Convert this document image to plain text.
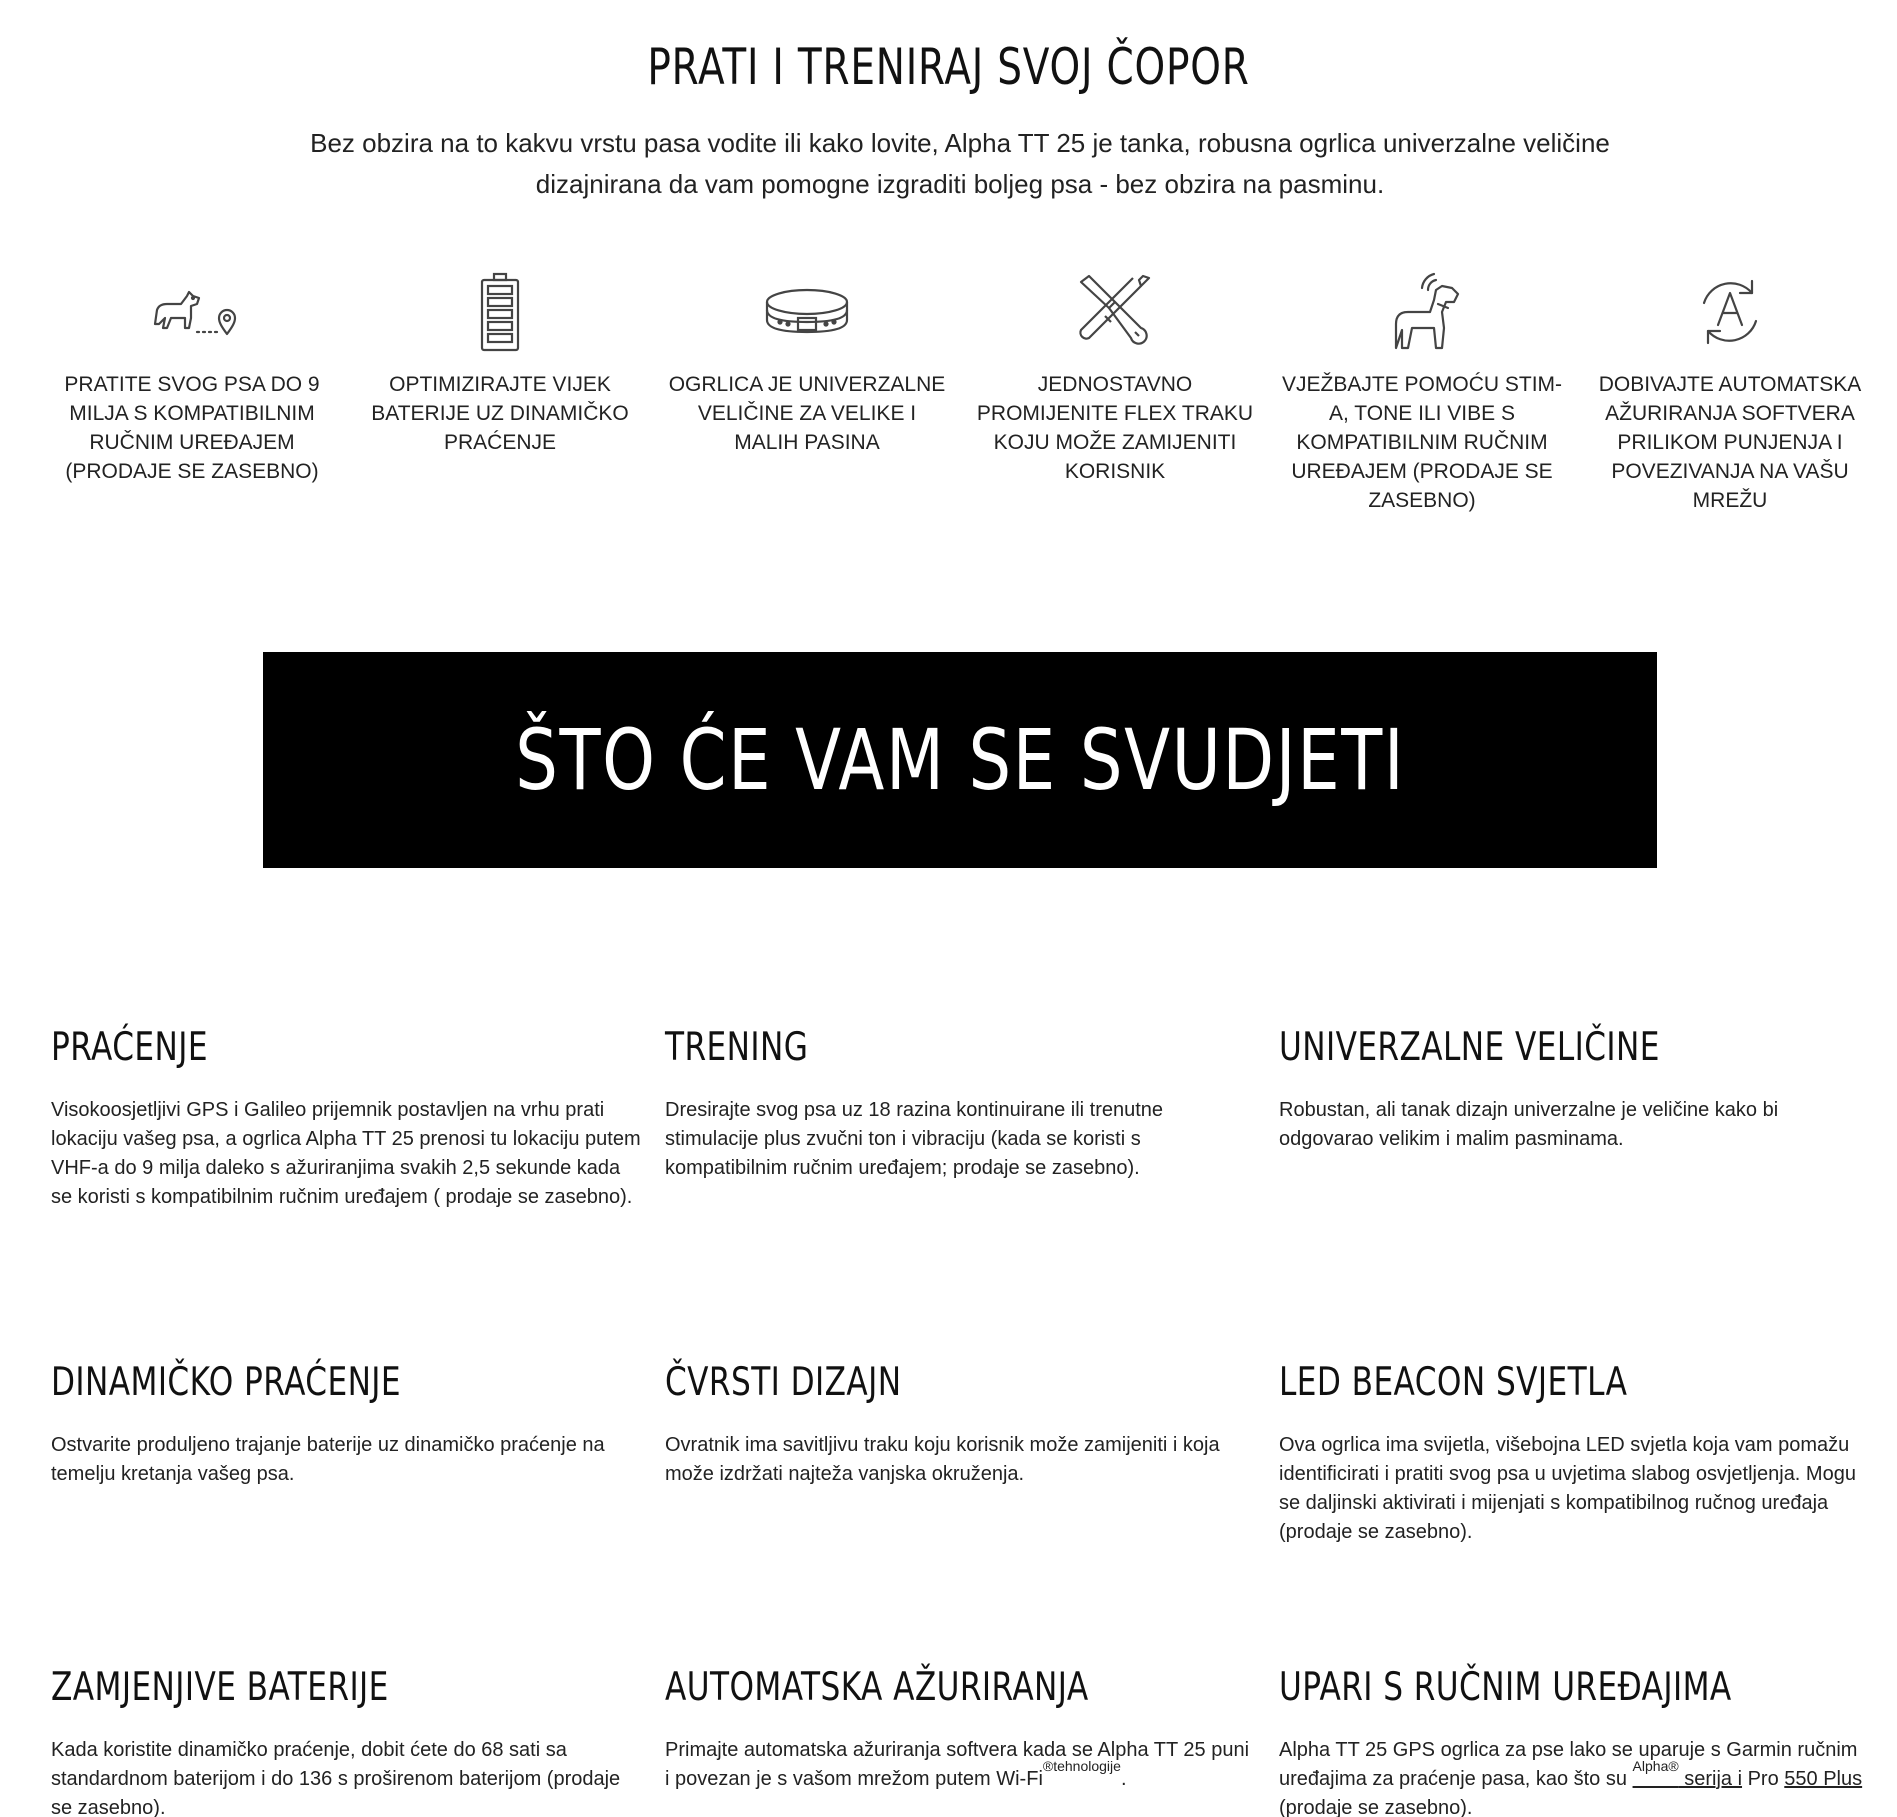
PRATI I TRENIRAJ SVOJ ČOPOR

Bez obzira na to kakvu vrstu pasa vodite ili kako lovite, Alpha TT 25 je tanka, robusna ogrlica univerzalne veličine dizajnirana da vam pomogne izgraditi boljeg psa - bez obzira na pasminu.

PRATITE SVOG PSA DO 9 MILJA S KOMPATIBILNIM RUČNIM UREĐAJEM (PRODAJE SE ZASEBNO)
OPTIMIZIRAJTE VIJEK BATERIJE UZ DINAMIČKO PRAĆENJE
OGRLICA JE UNIVERZALNE VELIČINE ZA VELIKE I MALIH PASINA
JEDNOSTAVNO PROMIJENITE FLEX TRAKU KOJU MOŽE ZAMIJENITI KORISNIK
VJEŽBAJTE POMOĆU STIM-A, TONE ILI VIBE S KOMPATIBILNIM RUČNIM UREĐAJEM (PRODAJE SE ZASEBNO)
DOBIVAJTE AUTOMATSKA AŽURIRANJA SOFTVERA PRILIKOM PUNJENJA I POVEZIVANJA NA VAŠU MREŽU
ŠTO ĆE VAM SE SVUDJETI
PRAĆENJE

Visokoosjetljivi GPS i Galileo prijemnik postavljen na vrhu prati lokaciju vašeg psa, a ogrlica Alpha TT 25 prenosi tu lokaciju putem VHF-a do 9 milja daleko s ažuriranjima svakih 2,5 sekunde kada se koristi s kompatibilnim ručnim uređajem ( prodaje se zasebno).

TRENING

Dresirajte svog psa uz 18 razina kontinuirane ili trenutne stimulacije plus zvučni ton i vibraciju (kada se koristi s kompatibilnim ručnim uređajem; prodaje se zasebno).

UNIVERZALNE VELIČINE

Robustan, ali tanak dizajn univerzalne je veličine kako bi odgovarao velikim i malim pasminama.

DINAMIČKO PRAĆENJE

Ostvarite produljeno trajanje baterije uz dinamičko praćenje na temelju kretanja vašeg psa.

ČVRSTI DIZAJN

Ovratnik ima savitljivu traku koju korisnik može zamijeniti i koja može izdržati najteža vanjska okruženja.

LED BEACON SVJETLA

Ova ogrlica ima svijetla, višebojna LED svjetla koja vam pomažu identificirati i pratiti svog psa u uvjetima slabog osvjetljenja. Mogu se daljinski aktivirati i mijenjati s kompatibilnog ručnog uređaja (prodaje se zasebno).

ZAMJENJIVE BATERIJE

Kada koristite dinamičko praćenje, dobit ćete do 68 sati sa standardnom baterijom i do 136 s proširenom baterijom (prodaje se zasebno).

AUTOMATSKA AŽURIRANJA

Primajte automatska ažuriranja softvera kada se Alpha TT 25 puni i povezan je s vašom mrežom putem $Wi-Fi^{®tehnologije}$.

UPARI S RUČNIM UREĐAJIMA

Alpha TT 25 GPS ogrlica za pse lako se uparuje s Garmin ručnim uređajima za praćenje pasa, kao što su $^{Alpha®}$ serija i Pro 550 Plus (prodaje se zasebno).
